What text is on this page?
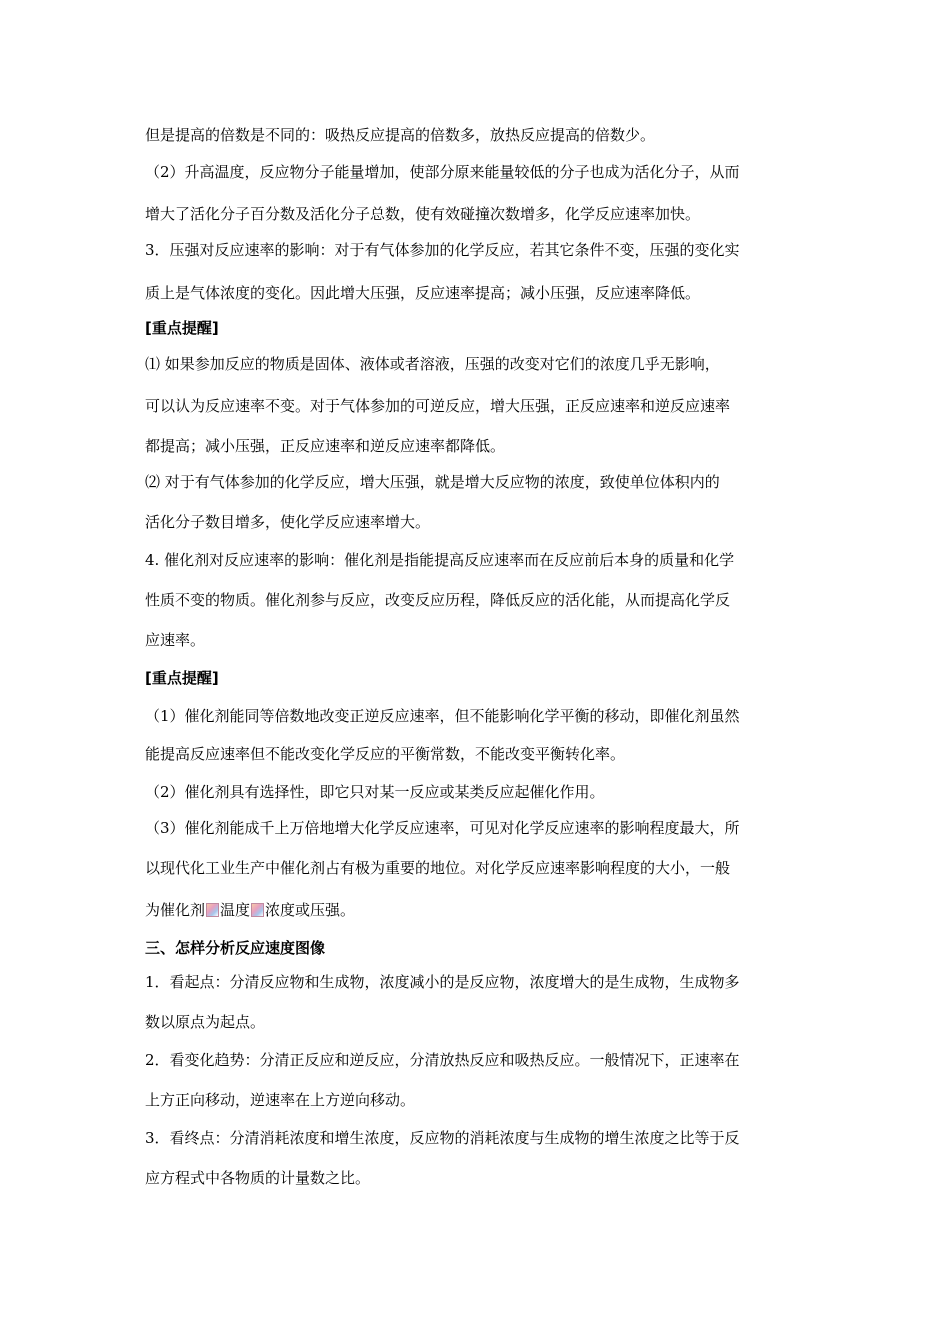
但是提高的倍数是不同的：吸热反应提高的倍数多，放热反应提高的倍数少。
（2）升高温度，反应物分子能量增加，使部分原来能量较低的分子也成为活化分子，从而
增大了活化分子百分数及活化分子总数，使有效碰撞次数增多，化学反应速率加快。
3．压强对反应速率的影响：对于有气体参加的化学反应，若其它条件不变，压强的变化实
质上是气体浓度的变化。因此增大压强，反应速率提高；减小压强，反应速率降低。
[重点提醒]
⑴ 如果参加反应的物质是固体、液体或者溶液，压强的改变对它们的浓度几乎无影响，
可以认为反应速率不变。对于气体参加的可逆反应，增大压强，正反应速率和逆反应速率
都提高；减小压强，正反应速率和逆反应速率都降低。
⑵ 对于有气体参加的化学反应，增大压强，就是增大反应物的浓度，致使单位体积内的
活化分子数目增多，使化学反应速率增大。
4. 催化剂对反应速率的影响：催化剂是指能提高反应速率而在反应前后本身的质量和化学
性质不变的物质。催化剂参与反应，改变反应历程，降低反应的活化能，从而提高化学反
应速率。
[重点提醒]
（1）催化剂能同等倍数地改变正逆反应速率，但不能影响化学平衡的移动，即催化剂虽然
能提高反应速率但不能改变化学反应的平衡常数，不能改变平衡转化率。
（2）催化剂具有选择性，即它只对某一反应或某类反应起催化作用。
（3）催化剂能成千上万倍地增大化学反应速率，可见对化学反应速率的影响程度最大，所
以现代化工业生产中催化剂占有极为重要的地位。对化学反应速率影响程度的大小，一般
为催化剂 温度 浓度或压强。
三、怎样分析反应速度图像
1．看起点：分清反应物和生成物，浓度减小的是反应物，浓度增大的是生成物，生成物多
数以原点为起点。
2．看变化趋势：分清正反应和逆反应，分清放热反应和吸热反应。一般情况下，正速率在
上方正向移动，逆速率在上方逆向移动。
3．看终点：分清消耗浓度和增生浓度，反应物的消耗浓度与生成物的增生浓度之比等于反
应方程式中各物质的计量数之比。
